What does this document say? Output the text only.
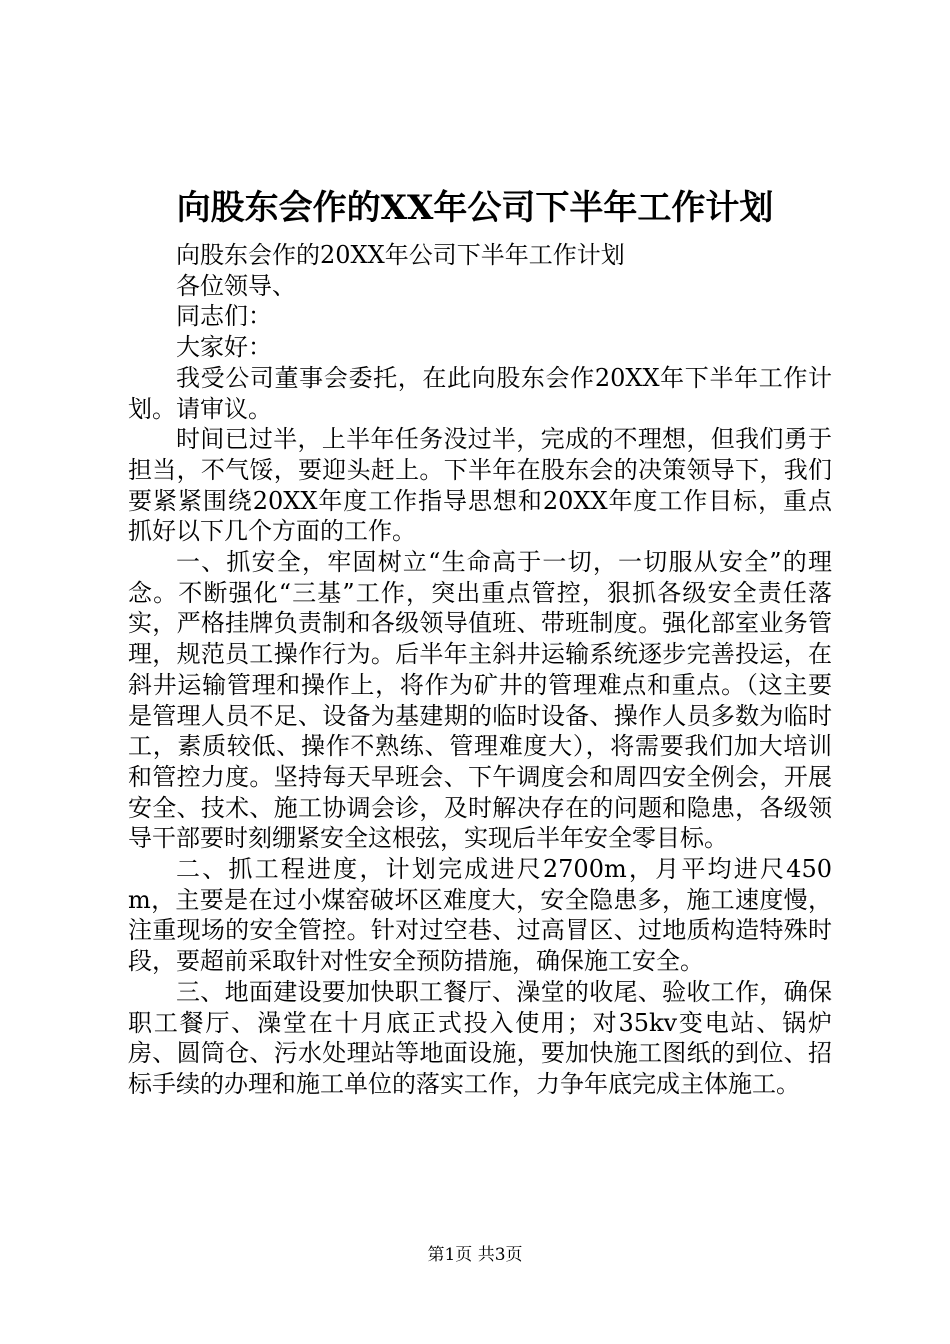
向股东会作的XX年公司下半年工作计划

向股东会作的20XX年公司下半年工作计划

各位领导、

同志们：

大家好：

我受公司董事会委托，在此向股东会作20XX年下半年工作计划。请审议。

时间已过半，上半年任务没过半，完成的不理想，但我们勇于担当，不气馁，要迎头赶上。下半年在股东会的决策领导下，我们要紧紧围绕20XX年度工作指导思想和20XX年度工作目标，重点抓好以下几个方面的工作。

一、抓安全，牢固树立“生命高于一切，一切服从安全”的理念。不断强化“三基”工作，突出重点管控，狠抓各级安全责任落实，严格挂牌负责制和各级领导值班、带班制度。强化部室业务管理，规范员工操作行为。后半年主斜井运输系统逐步完善投运，在斜井运输管理和操作上，将作为矿井的管理难点和重点。（这主要是管理人员不足、设备为基建期的临时设备、操作人员多数为临时工，素质较低、操作不熟练、管理难度大），将需要我们加大培训和管控力度。坚持每天早班会、下午调度会和周四安全例会，开展安全、技术、施工协调会诊，及时解决存在的问题和隐患，各级领导干部要时刻绷紧安全这根弦，实现后半年安全零目标。

二、抓工程进度，计划完成进尺2700m，月平均进尺450m，主要是在过小煤窑破坏区难度大，安全隐患多，施工速度慢，注重现场的安全管控。针对过空巷、过高冒区、过地质构造特殊时段，要超前采取针对性安全预防措施，确保施工安全。

三、地面建设要加快职工餐厅、澡堂的收尾、验收工作，确保职工餐厅、澡堂在十月底正式投入使用；对35kv变电站、锅炉房、圆筒仓、污水处理站等地面设施，要加快施工图纸的到位、招标手续的办理和施工单位的落实工作，力争年底完成主体施工。

第1页 共3页
